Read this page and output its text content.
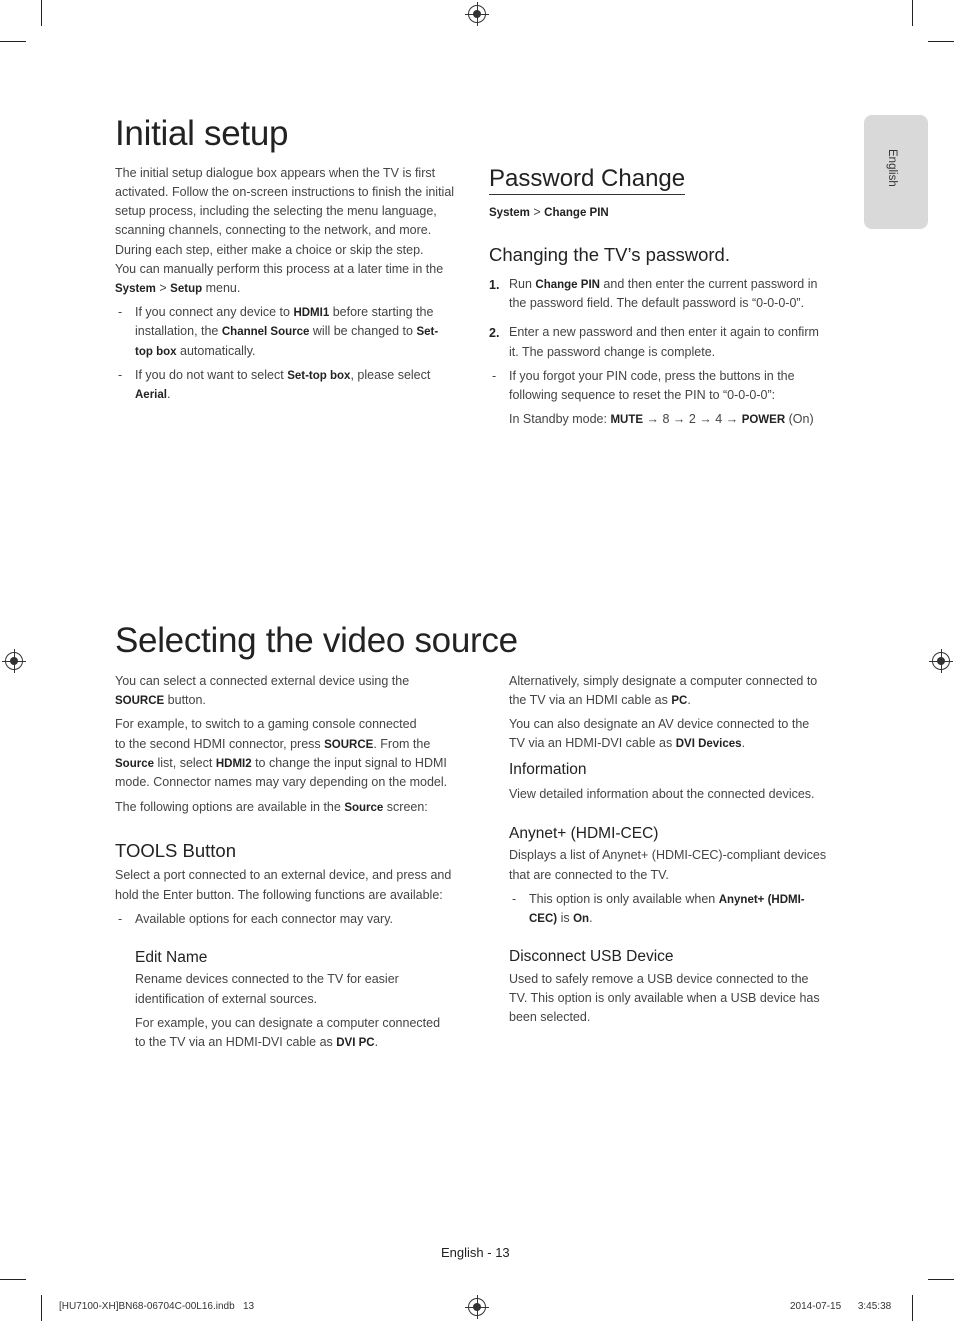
English
Initial setup

The initial setup dialogue box appears when the TV is first

activated. Follow the on-screen instructions to finish the initial

setup process, including the selecting the menu language,

scanning channels, connecting to the network, and more.

During each step, either make a choice or skip the step.

You can manually perform this process at a later time in the

System > Setup menu.

- If you connect any device to HDMI1 before starting the

installation, the Channel Source will be changed to Set-

top box automatically.

- If you do not want to select Set-top box, please select

Aerial.

Password Change

System > Change PIN

Changing the TV’s password.

1. Run Change PIN and then enter the current password in

the password field. The default password is “0-0-0-0”.

2. Enter a new password and then enter it again to confirm

it. The password change is complete.

- If you forgot your PIN code, press the buttons in the

following sequence to reset the PIN to “0-0-0-0”:

In Standby mode: MUTE → 8 → 2 → 4 → POWER (On)

Selecting the video source

You can select a connected external device using the

SOURCE button.

For example, to switch to a gaming console connected

to the second HDMI connector, press SOURCE. From the

Source list, select HDMI2 to change the input signal to HDMI

mode. Connector names may vary depending on the model.

The following options are available in the Source screen:

TOOLS Button

Select a port connected to an external device, and press and

hold the Enter button. The following functions are available:

- Available options for each connector may vary.

Edit Name

Rename devices connected to the TV for easier

identification of external sources.

For example, you can designate a computer connected

to the TV via an HDMI-DVI cable as DVI PC.

Alternatively, simply designate a computer connected to

the TV via an HDMI cable as PC.

You can also designate an AV device connected to the

TV via an HDMI-DVI cable as DVI Devices.

Information

View detailed information about the connected devices.

Anynet+ (HDMI-CEC)

Displays a list of Anynet+ (HDMI-CEC)-compliant devices

that are connected to the TV.

- This option is only available when Anynet+ (HDMI-

CEC) is On.

Disconnect USB Device

Used to safely remove a USB device connected to the

TV. This option is only available when a USB device has

been selected.

English - 13

[HU7100-XH]BN68-06704C-00L16.indb   13	2014-07-15      3:45:38
